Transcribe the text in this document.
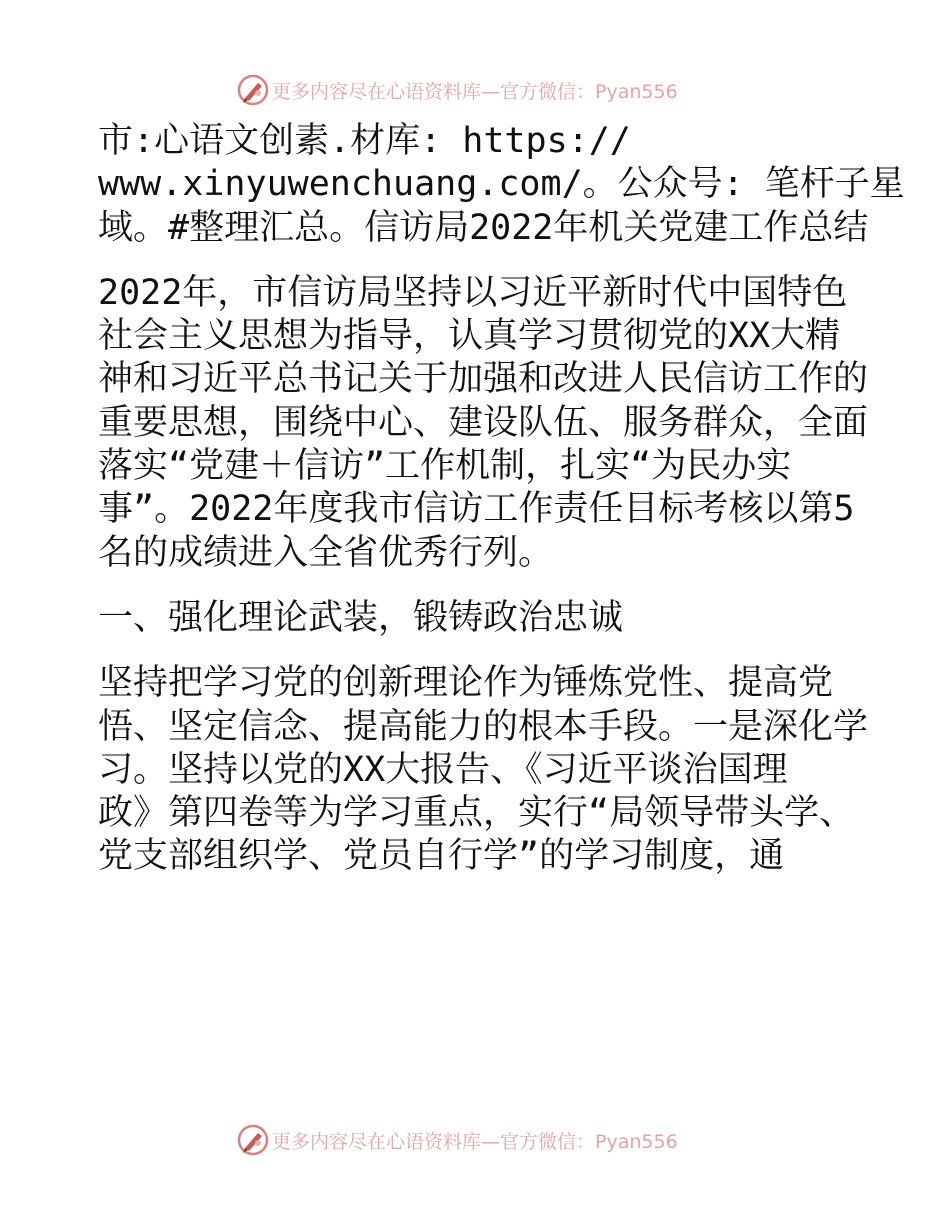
更多内容尽在心语资料库—官方微信：Pyan556

市:心语文创素.材库: https://

www.xinyuwenchuang.com/。公众号: 笔杆子星

域。#整理汇总。信访局2022年机关党建工作总结

2022年，市信访局坚持以习近平新时代中国特色

社会主义思想为指导，认真学习贯彻党的XX大精

神和习近平总书记关于加强和改进人民信访工作的

重要思想，围绕中心、建设队伍、服务群众，全面

落实“党建＋信访”工作机制，扎实“为民办实

事”。2022年度我市信访工作责任目标考核以第5

名的成绩进入全省优秀行列。

一、强化理论武装，锻铸政治忠诚

坚持把学习党的创新理论作为锤炼党性、提高党

悟、坚定信念、提高能力的根本手段。一是深化学

习。坚持以党的XX大报告、《习近平谈治国理

政》第四卷等为学习重点，实行“局领导带头学、

党支部组织学、党员自行学”的学习制度，通

更多内容尽在心语资料库—官方微信：Pyan556
